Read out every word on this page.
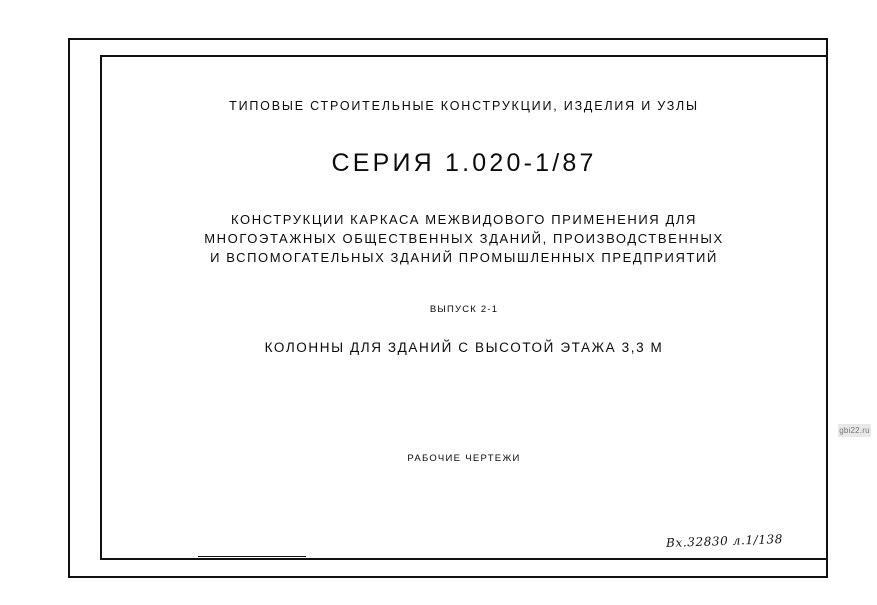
ТИПОВЫЕ СТРОИТЕЛЬНЫЕ КОНСТРУКЦИИ, ИЗДЕЛИЯ И УЗЛЫ
СЕРИЯ 1.020-1/87
КОНСТРУКЦИИ КАРКАСА МЕЖВИДОВОГО ПРИМЕНЕНИЯ ДЛЯ
МНОГОЭТАЖНЫХ ОБЩЕСТВЕННЫХ ЗДАНИЙ, ПРОИЗВОДСТВЕННЫХ
И ВСПОМОГАТЕЛЬНЫХ ЗДАНИЙ ПРОМЫШЛЕННЫХ ПРЕДПРИЯТИЙ
ВЫПУСК 2-1
КОЛОННЫ ДЛЯ ЗДАНИЙ С ВЫСОТОЙ ЭТАЖА 3,3 М
РАБОЧИЕ ЧЕРТЕЖИ
Вх.32830 л.1/138
gbi22.ru
